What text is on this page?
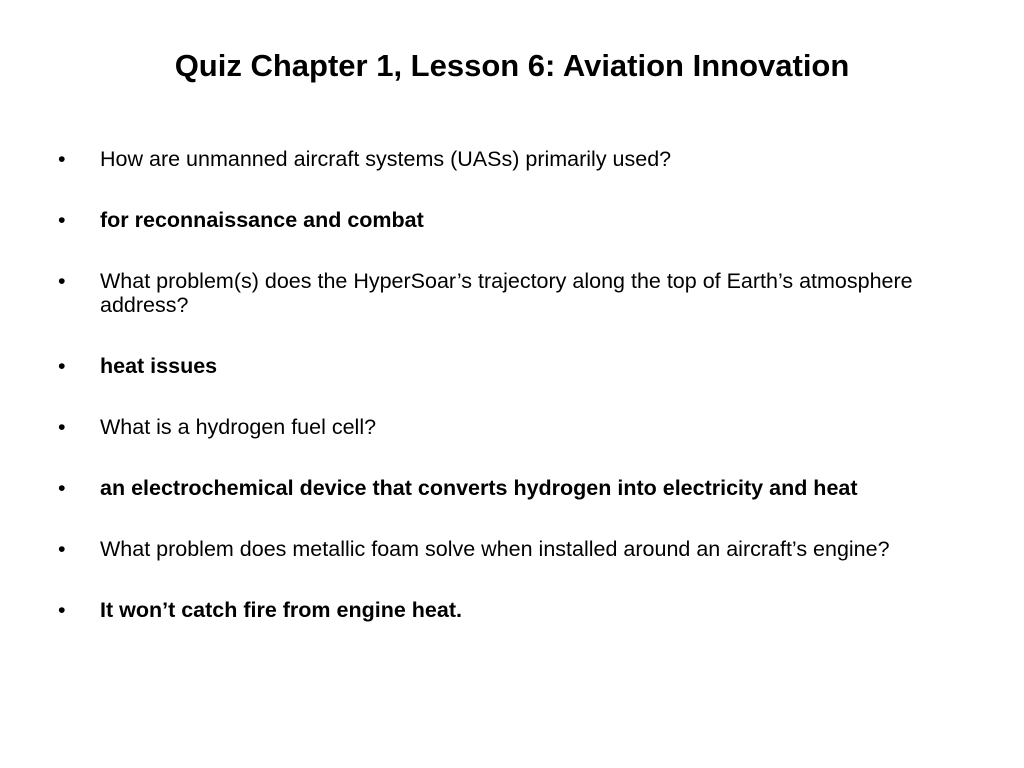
Quiz Chapter 1, Lesson 6: Aviation Innovation
• How are unmanned aircraft systems (UASs) primarily used?
• for reconnaissance and combat
• What problem(s) does the HyperSoar’s trajectory along the top of Earth’s atmosphere address?
• heat issues
• What is a hydrogen fuel cell?
• an electrochemical device that converts hydrogen into electricity and heat
• What problem does metallic foam solve when installed around an aircraft’s engine?
• It won’t catch fire from engine heat.
